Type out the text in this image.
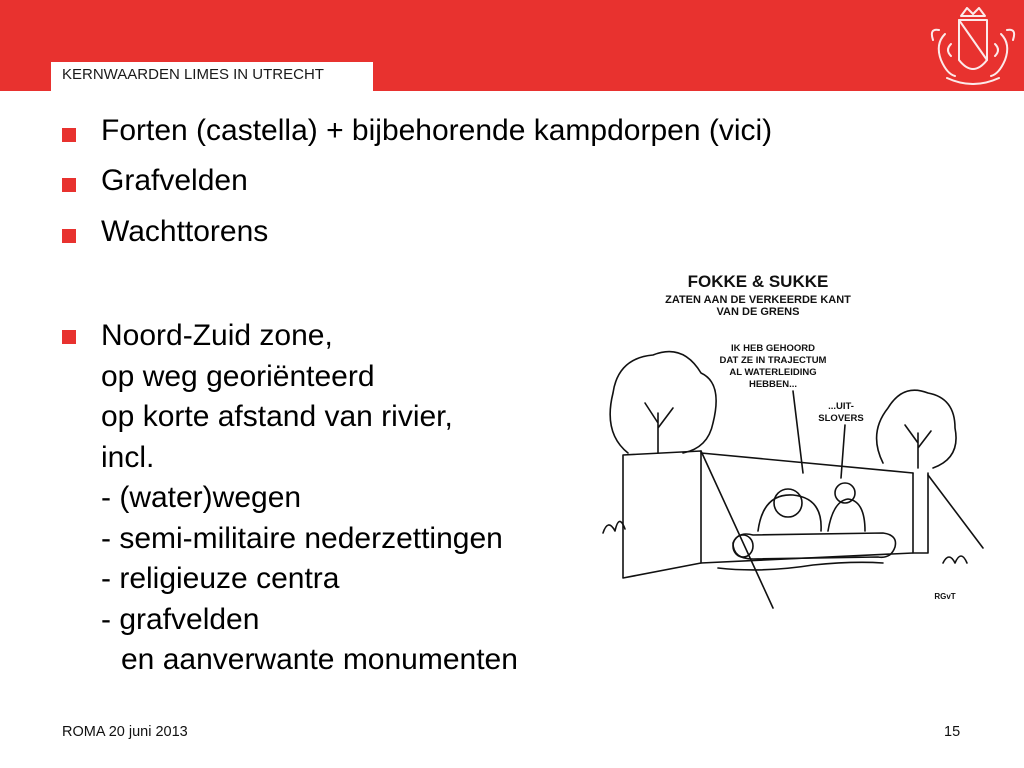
KERNWAARDEN LIMES IN UTRECHT
Forten (castella) + bijbehorende kampdorpen (vici)
Grafvelden
Wachttorens
Noord-Zuid zone,
op weg georiënteerd
op korte afstand van rivier,
incl.
- (water)wegen
- semi-militaire nederzettingen
- religieuze centra
- grafvelden
en aanverwante monumenten
FOKKE & SUKKE
ZATEN AAN DE VERKEERDE KANT
VAN DE GRENS
IK HEB GEHOORD
DAT ZE IN TRAJECTUM
AL WATERLEIDING
HEBBEN...
...UIT-
SLOVERS
RGvT
ROMA 20 juni 2013	15
